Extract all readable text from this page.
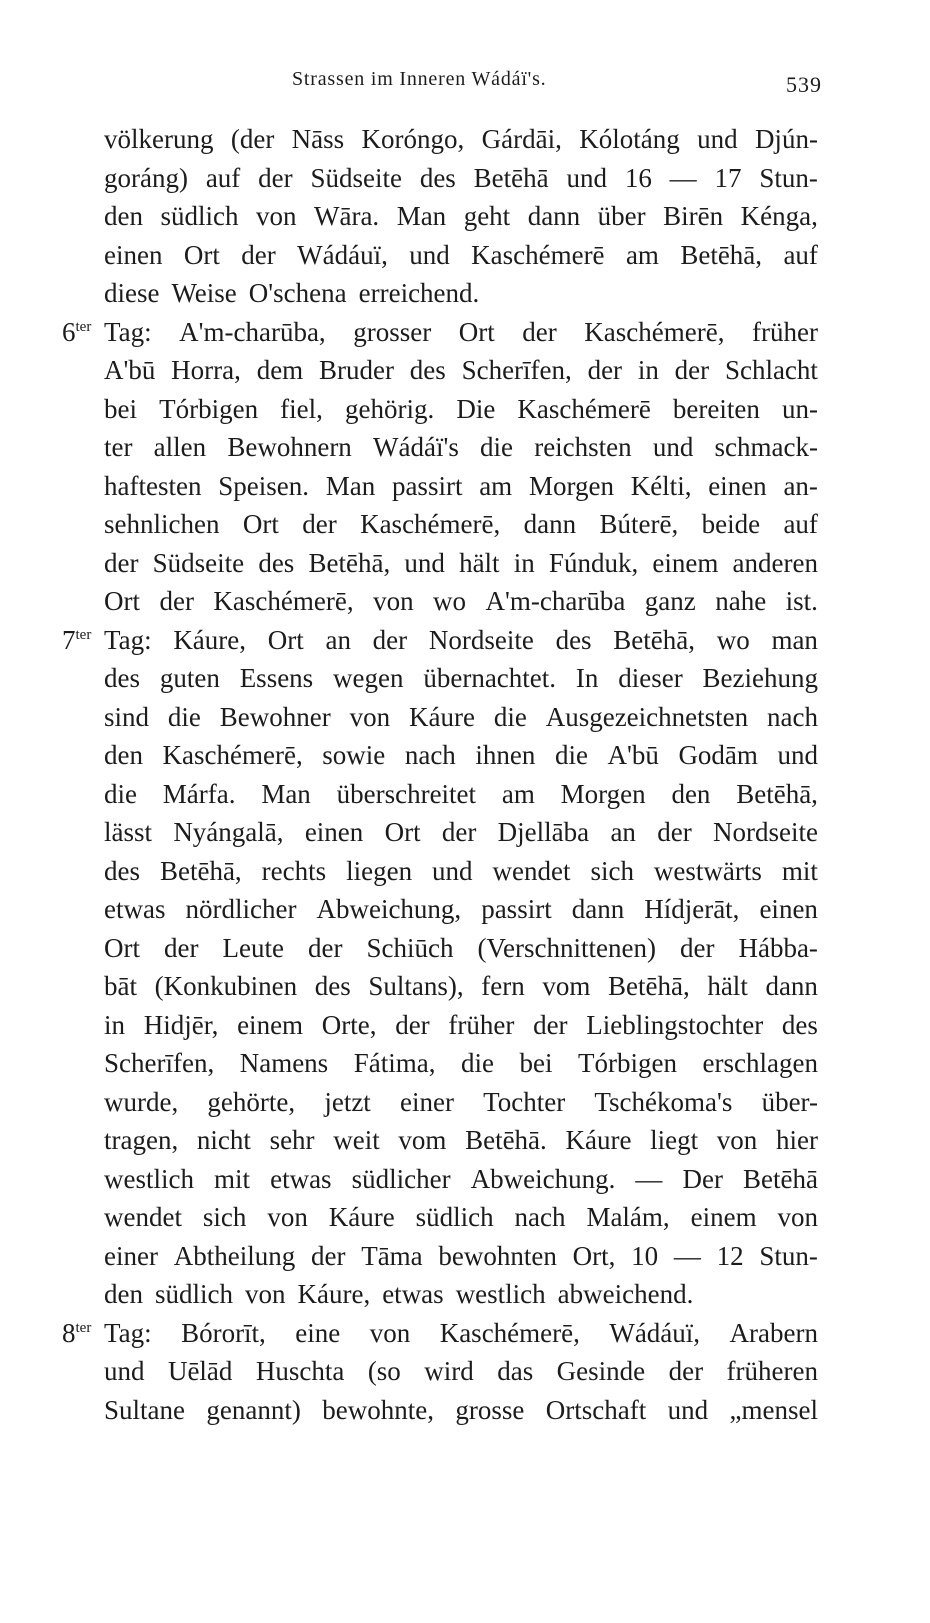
Strassen im Inneren Wádáï's.	539
völkerung (der Nāss Koróngo, Gárdāi, Kólotáng und Djún-
goráng) auf der Südseite des Betēhā und 16 — 17 Stun-
den südlich von Wāra. Man geht dann über Birēn Kénga,
einen Ort der Wádáuï, und Kaschémerē am Betēhā, auf
diese Weise O'schena erreichend.
$6^{ter}$ Tag: A'm-charūba, grosser Ort der Kaschémerē, früher
A'bū Horra, dem Bruder des Scherīfen, der in der Schlacht
bei Tórbigen fiel, gehörig. Die Kaschémerē bereiten un-
ter allen Bewohnern Wádáï's die reichsten und schmack-
haftesten Speisen. Man passirt am Morgen Kélti, einen an-
sehnlichen Ort der Kaschémerē, dann Búterē, beide auf
der Südseite des Betēhā, und hält in Fúnduk, einem anderen
Ort der Kaschémerē, von wo A'm-charūba ganz nahe ist.
$7^{ter}$ Tag: Káure, Ort an der Nordseite des Betēhā, wo man
des guten Essens wegen übernachtet. In dieser Beziehung
sind die Bewohner von Káure die Ausgezeichnetsten nach
den Kaschémerē, sowie nach ihnen die A'bū Godām und
die Márfa. Man überschreitet am Morgen den Betēhā,
lässt Nyángalā, einen Ort der Djellāba an der Nordseite
des Betēhā, rechts liegen und wendet sich westwärts mit
etwas nördlicher Abweichung, passirt dann Hídjerāt, einen
Ort der Leute der Schiūch (Verschnittenen) der Hábba-
bāt (Konkubinen des Sultans), fern vom Betēhā, hält dann
in Hidjēr, einem Orte, der früher der Lieblingstochter des
Scherīfen, Namens Fátima, die bei Tórbigen erschlagen
wurde, gehörte, jetzt einer Tochter Tschékoma's über-
tragen, nicht sehr weit vom Betēhā. Káure liegt von hier
westlich mit etwas südlicher Abweichung. — Der Betēhā
wendet sich von Káure südlich nach Malám, einem von
einer Abtheilung der Tāma bewohnten Ort, 10 — 12 Stun-
den südlich von Káure, etwas westlich abweichend.
$8^{ter}$ Tag: Bórorīt, eine von Kaschémerē, Wádáuï, Arabern
und Uēlād Huschta (so wird das Gesinde der früheren
Sultane genannt) bewohnte, grosse Ortschaft und „mensel
